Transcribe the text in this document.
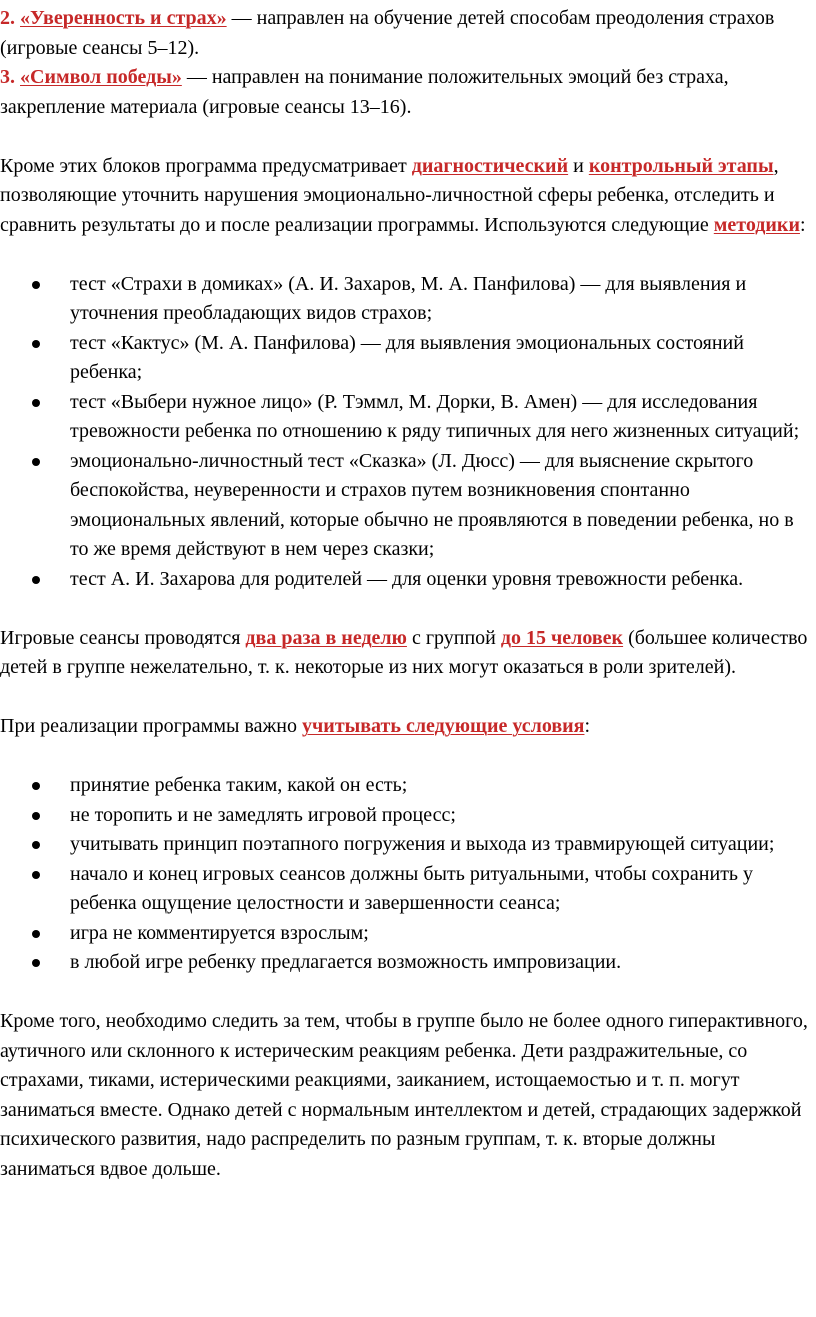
2. «Уверенность и страх» — направлен на обучение детей способам преодоления страхов (игровые сеансы 5–12).

3. «Символ победы» — направлен на понимание положительных эмоций без страха, закрепление материала (игровые сеансы 13–16).

Кроме этих блоков программа предусматривает диагностический и контрольный этапы, позволяющие уточнить нарушения эмоционально-личностной сферы ребенка, отследить и сравнить результаты до и после реализации программы. Используются следующие методики:

тест «Страхи в домиках» (А. И. Захаров, М. А. Панфилова) — для выявления и уточнения преобладающих видов страхов;
тест «Кактус» (М. А. Панфилова) — для выявления эмоциональных состояний ребенка;
тест «Выбери нужное лицо» (Р. Тэммл, М. Дорки, В. Амен) — для исследования тревожности ребенка по отношению к ряду типичных для него жизненных ситуаций;
эмоционально-личностный тест «Сказка» (Л. Дюсс) — для выяснение скрытого беспокойства, неуверенности и страхов путем возникновения спонтанно эмоциональных явлений, которые обычно не проявляются в поведении ребенка, но в то же время действуют в нем через сказки;
тест А. И. Захарова для родителей — для оценки уровня тревожности ребенка.

Игровые сеансы проводятся два раза в неделю с группой до 15 человек (большее количество детей в группе нежелательно, т. к. некоторые из них могут оказаться в роли зрителей).

При реализации программы важно учитывать следующие условия:

принятие ребенка таким, какой он есть;
не торопить и не замедлять игровой процесс;
учитывать принцип поэтапного погружения и выхода из травмирующей ситуации;
начало и конец игровых сеансов должны быть ритуальными, чтобы сохранить у ребенка ощущение целостности и завершенности сеанса;
игра не комментируется взрослым;
в любой игре ребенку предлагается возможность импровизации.

Кроме того, необходимо следить за тем, чтобы в группе было не более одного гиперактивного, аутичного или склонного к истерическим реакциям ребенка. Дети раздражительные, со страхами, тиками, истерическими реакциями, заиканием, истощаемостью и т. п. могут заниматься вместе. Однако детей с нормальным интеллектом и детей, страдающих задержкой психического развития, надо распределить по разным группам, т. к. вторые должны заниматься вдвое дольше.
